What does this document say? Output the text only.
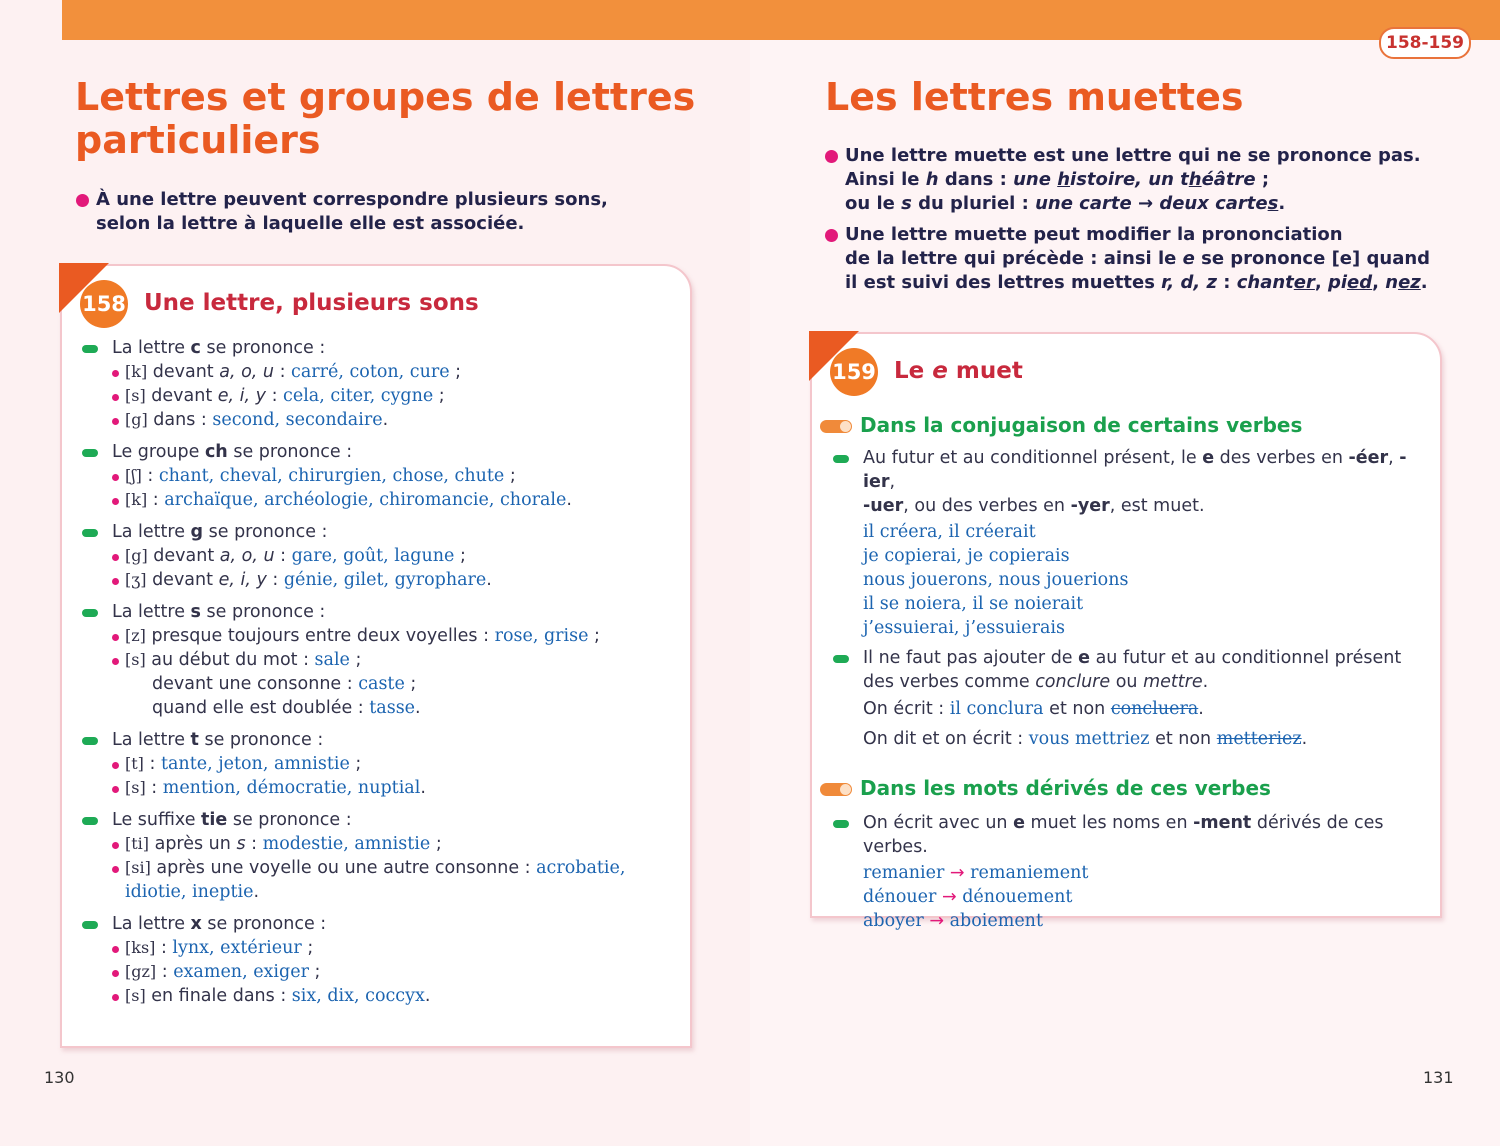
158-159
Lettres et groupes de lettres
particuliers

À une lettre peuvent correspondre plusieurs sons,
selon la lettre à laquelle elle est associée.

158 Une lettre, plusieurs sons
La lettre c se prononce :
[k] devant a, o, u : carré, coton, cure ;
[s] devant e, i, y : cela, citer, cygne ;
[g] dans : second, secondaire.
Le groupe ch se prononce :
[ʃ] : chant, cheval, chirurgien, chose, chute ;
[k] : archaïque, archéologie, chiromancie, chorale.
La lettre g se prononce :
[g] devant a, o, u : gare, goût, lagune ;
[ʒ] devant e, i, y : génie, gilet, gyrophare.
La lettre s se prononce :
[z] presque toujours entre deux voyelles : rose, grise ;
[s] au début du mot : sale ;
devant une consonne : caste ;
quand elle est doublée : tasse.
La lettre t se prononce :
[t] : tante, jeton, amnistie ;
[s] : mention, démocratie, nuptial.
Le suffixe tie se prononce :
[ti] après un s : modestie, amnistie ;
[si] après une voyelle ou une autre consonne : acrobatie, idiotie, ineptie.
La lettre x se prononce :
[ks] : lynx, extérieur ;
[gz] : examen, exiger ;
[s] en finale dans : six, dix, coccyx.
130
Les lettres muettes

Une lettre muette est une lettre qui ne se prononce pas.
Ainsi le h dans : une histoire, un théâtre ;
ou le s du pluriel : une carte → deux cartes.

Une lettre muette peut modifier la prononciation
de la lettre qui précède : ainsi le e se prononce [e] quand
il est suivi des lettres muettes r, d, z : chanter, pied, nez.

159 Le e muet
Dans la conjugaison de certains verbes
Au futur et au conditionnel présent, le e des verbes en -éer, -ier,
-uer, ou des verbes en -yer, est muet.
il créera, il créerait
je copierai, je copierais
nous jouerons, nous jouerions
il se noiera, il se noierait
j’essuierai, j’essuierais
Il ne faut pas ajouter de e au futur et au conditionnel présent
des verbes comme conclure ou mettre.
On écrit : il conclura et non concluera.
On dit et on écrit : vous mettriez et non metteriez.
Dans les mots dérivés de ces verbes
On écrit avec un e muet les noms en -ment dérivés de ces verbes.
remanier → remaniement
dénouer → dénouement
aboyer → aboiement
131
